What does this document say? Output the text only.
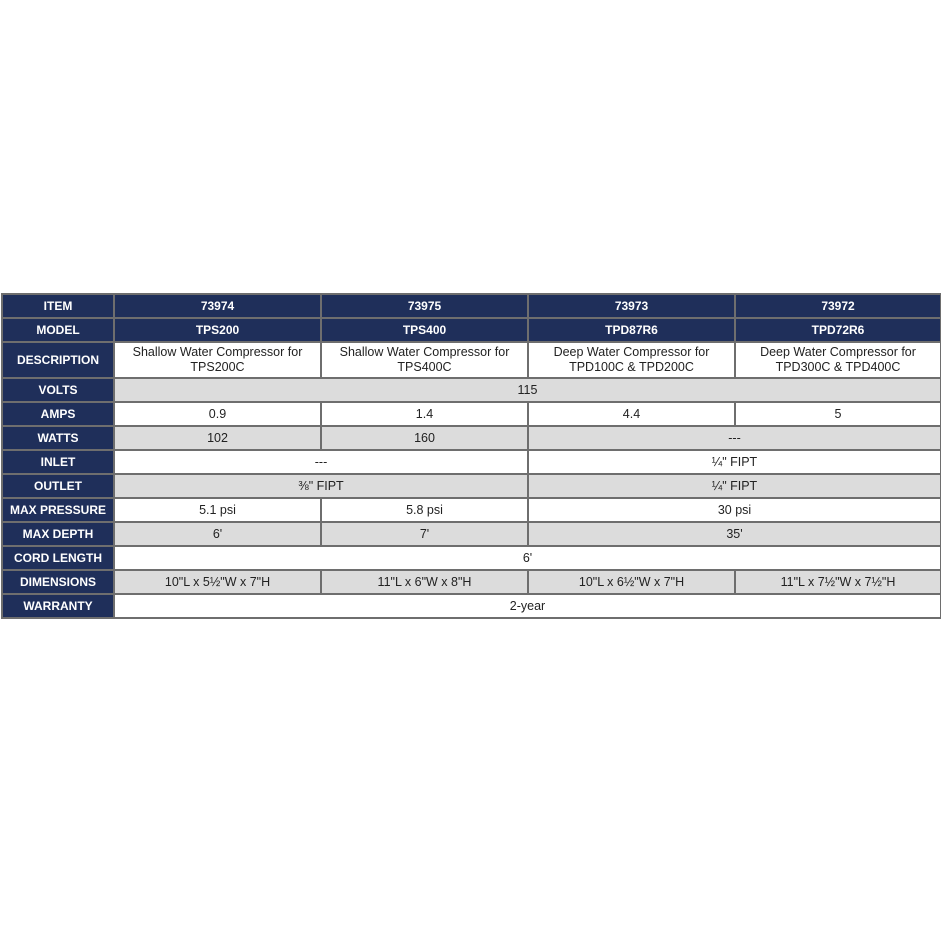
ITEM	73974	73975	73973	73972
MODEL	TPS200	TPS400	TPD87R6	TPD72R6
DESCRIPTION	Shallow Water Compressor for TPS200C	Shallow Water Compressor for TPS400C	Deep Water Compressor for TPD100C & TPD200C	Deep Water Compressor for TPD300C & TPD400C
VOLTS	115			
AMPS	0.9	1.4	4.4	5
WATTS	102	160	---	
INLET	---		¼" FIPT	
OUTLET	⅜" FIPT		¼" FIPT	
MAX PRESSURE	5.1 psi	5.8 psi	30 psi	
MAX DEPTH	6'	7'	35'	
CORD LENGTH	6'			
DIMENSIONS	10"L x 5½"W x 7"H	11"L x 6"W x 8"H	10"L x 6½"W x 7"H	11"L x 7½"W x 7½"H
WARRANTY	2-year			
